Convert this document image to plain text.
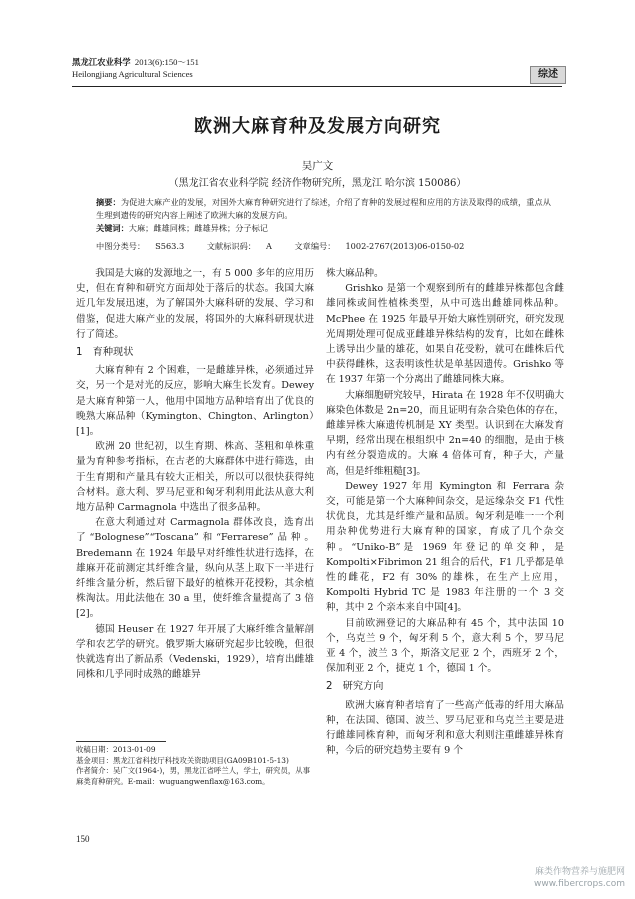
黑龙江农业科学 2013(6):150～151
Heilongjiang Agricultural Sciences	综述
欧洲大麻育种及发展方向研究
吴广文
（黑龙江省农业科学院 经济作物研究所，黑龙江 哈尔滨 150086）
摘要：为促进大麻产业的发展，对国外大麻育种研究进行了综述，介绍了育种的发展过程和应用的方法及取得的成绩，重点从生理到遗传的研究内容上阐述了欧洲大麻的发展方向。
关键词：大麻；雌雄同株；雌雄异株；分子标记
中图分类号： S563.3	文献标识码： A	文章编号： 1002-2767(2013)06-0150-02

我国是大麻的发源地之一，有 5 000 多年的应用历史，但在育种和研究方面却处于落后的状态。我国大麻近几年发展迅速，为了解国外大麻科研的发展、学习和借鉴，促进大麻产业的发展，将国外的大麻科研现状进行了简述。

1　育种现状

大麻育种有 2 个困难，一是雌雄异株，必须通过异交，另一个是对光的反应，影响大麻生长发育。Dewey 是大麻育种第一人，他用中国地方品种培育出了优良的晚熟大麻品种（Kymington、Chington、Arlington）[1]。

欧洲 20 世纪初，以生育期、株高、茎粗和单株重量为育种参考指标，在古老的大麻群体中进行筛选，由于生育期和产量具有较大正相关，所以可以很快获得纯合材料。意大利、罗马尼亚和匈牙利利用此法从意大利地方品种 Carmagnola 中选出了很多品种。

在意大利通过对 Carmagnola 群体改良，选育出了“Bolognese”“Toscana”和“Ferrarese”品种。Bredemann 在 1924 年最早对纤维性状进行选择，在雄麻开花前测定其纤维含量，纵向从茎上取下一半进行纤维含量分析，然后留下最好的植株开花授粉，其余植株淘汰。用此法他在 30 a 里，使纤维含量提高了 3 倍[2]。

德国 Heuser 在 1927 年开展了大麻纤维含量解剖学和农艺学的研究。俄罗斯大麻研究起步比较晚，但很快就选育出了新品系（Vedenski，1929），培育出雌雄同株和几乎同时成熟的雌雄异

收稿日期：2013-01-09
基金项目：黑龙江省科技厅科技攻关资助项目(GA09B101-5-13)
作者简介：吴广文(1964-)，男，黑龙江省呼兰人，学士，研究员，从事麻类育种研究。E-mail：wuguangwenflax@163.com。
150

株大麻品种。

Grishko 是第一个观察到所有的雌雄异株都包含雌雄同株或间性植株类型，从中可选出雌雄同株品种。McPhee 在 1925 年最早开始大麻性别研究，研究发现光周期处理可促成亚雌雄异株结构的发育，比如在雌株上诱导出少量的雄花，如果自花受粉，就可在雌株后代中获得雌株，这表明该性状是单基因遗传。Grishko 等在 1937 年第一个分离出了雌雄同株大麻。

大麻细胞研究较早，Hirata 在 1928 年不仅明确大麻染色体数是 2n=20，而且证明有杂合染色体的存在，雌雄异株大麻遗传机制是 XY 类型。认识到在大麻发育早期，经常出现在根组织中 2n=40 的细胞，是由于核内有丝分裂造成的。大麻 4 倍体可育，种子大，产量高，但是纤维粗糙[3]。

Dewey 1927 年用 Kymington 和 Ferrara 杂交，可能是第一个大麻种间杂交，是远缘杂交 F1 代性状优良，尤其是纤维产量和品质。匈牙利是唯一一个利用杂种优势进行大麻育种的国家，育成了几个杂交种。“Uniko-B”是 1969 年登记的单交种，是 Kompolti×Fibrimon 21 组合的后代，F1 几乎都是单性的雌花，F2 有 30% 的雄株，在生产上应用，Kompolti Hybrid TC 是 1983 年注册的一个 3 交种，其中 2 个亲本来自中国[4]。

目前欧洲登记的大麻品种有 45 个，其中法国 10 个，乌克兰 9 个，匈牙利 5 个，意大利 5 个，罗马尼亚 4 个，波兰 3 个，斯洛文尼亚 2 个，西班牙 2 个，保加利亚 2 个，捷克 1 个，德国 1 个。

2　研究方向

欧洲大麻育种者培育了一些高产低毒的纤用大麻品种，在法国、德国、波兰、罗马尼亚和乌克兰主要是进行雌雄同株育种，而匈牙利和意大利则注重雌雄异株育种，今后的研究趋势主要有 9 个

麻类作物营养与施肥网
www.fibercrops.com
